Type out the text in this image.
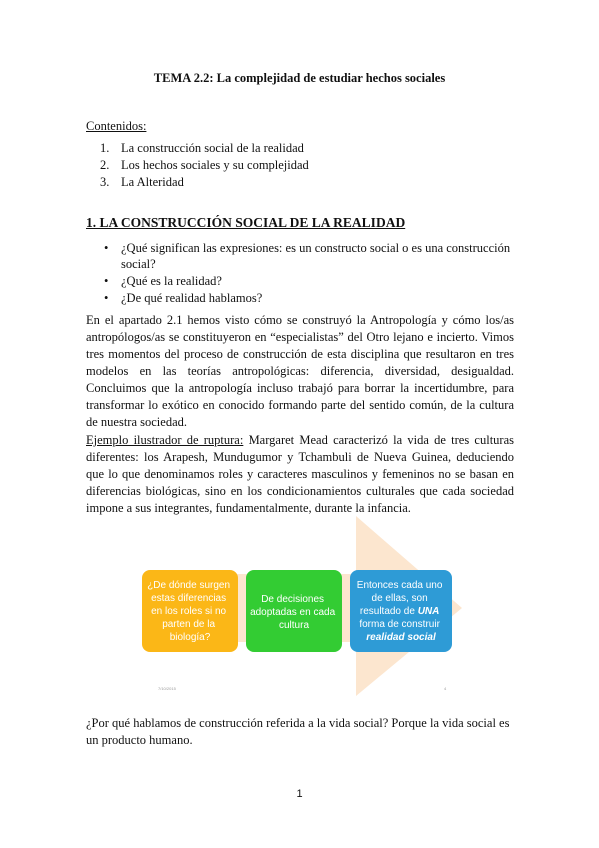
TEMA 2.2: La complejidad de estudiar hechos sociales
Contenidos:
1. La construcción social de la realidad
2. Los hechos sociales y su complejidad
3. La Alteridad
1. LA CONSTRUCCIÓN SOCIAL DE LA REALIDAD
• ¿Qué significan las expresiones: es un constructo social o es una construcción social?
• ¿Qué es la realidad?
• ¿De qué realidad hablamos?

En el apartado 2.1 hemos visto cómo se construyó la Antropología y cómo los/as antropólogos/as se constituyeron en “especialistas” del Otro lejano e incierto. Vimos tres momentos del proceso de construcción de esta disciplina que resultaron en tres modelos en las teorías antropológicas: diferencia, diversidad, desigualdad. Concluimos que la antropología incluso trabajó para borrar la incertidumbre, para transformar lo exótico en conocido formando parte del sentido común, de la cultura de nuestra sociedad.

Ejemplo ilustrador de ruptura: Margaret Mead caracterizó la vida de tres culturas diferentes: los Arapesh, Mundugumor y Tchambuli de Nueva Guinea, deduciendo que lo que denominamos roles y caracteres masculinos y femeninos no se basan en diferencias biológicas, sino en los condicionamientos culturales que cada sociedad impone a sus integrantes, fundamentalmente, durante la infancia.

¿De dónde surgen estas diferencias en los roles si no parten de la biología?
De decisiones adoptadas en cada cultura
Entonces cada uno de ellas, son resultado de UNA forma de construir realidad social
7/10/2015	4

¿Por qué hablamos de construcción referida a la vida social? Porque la vida social es un producto humano.

1
